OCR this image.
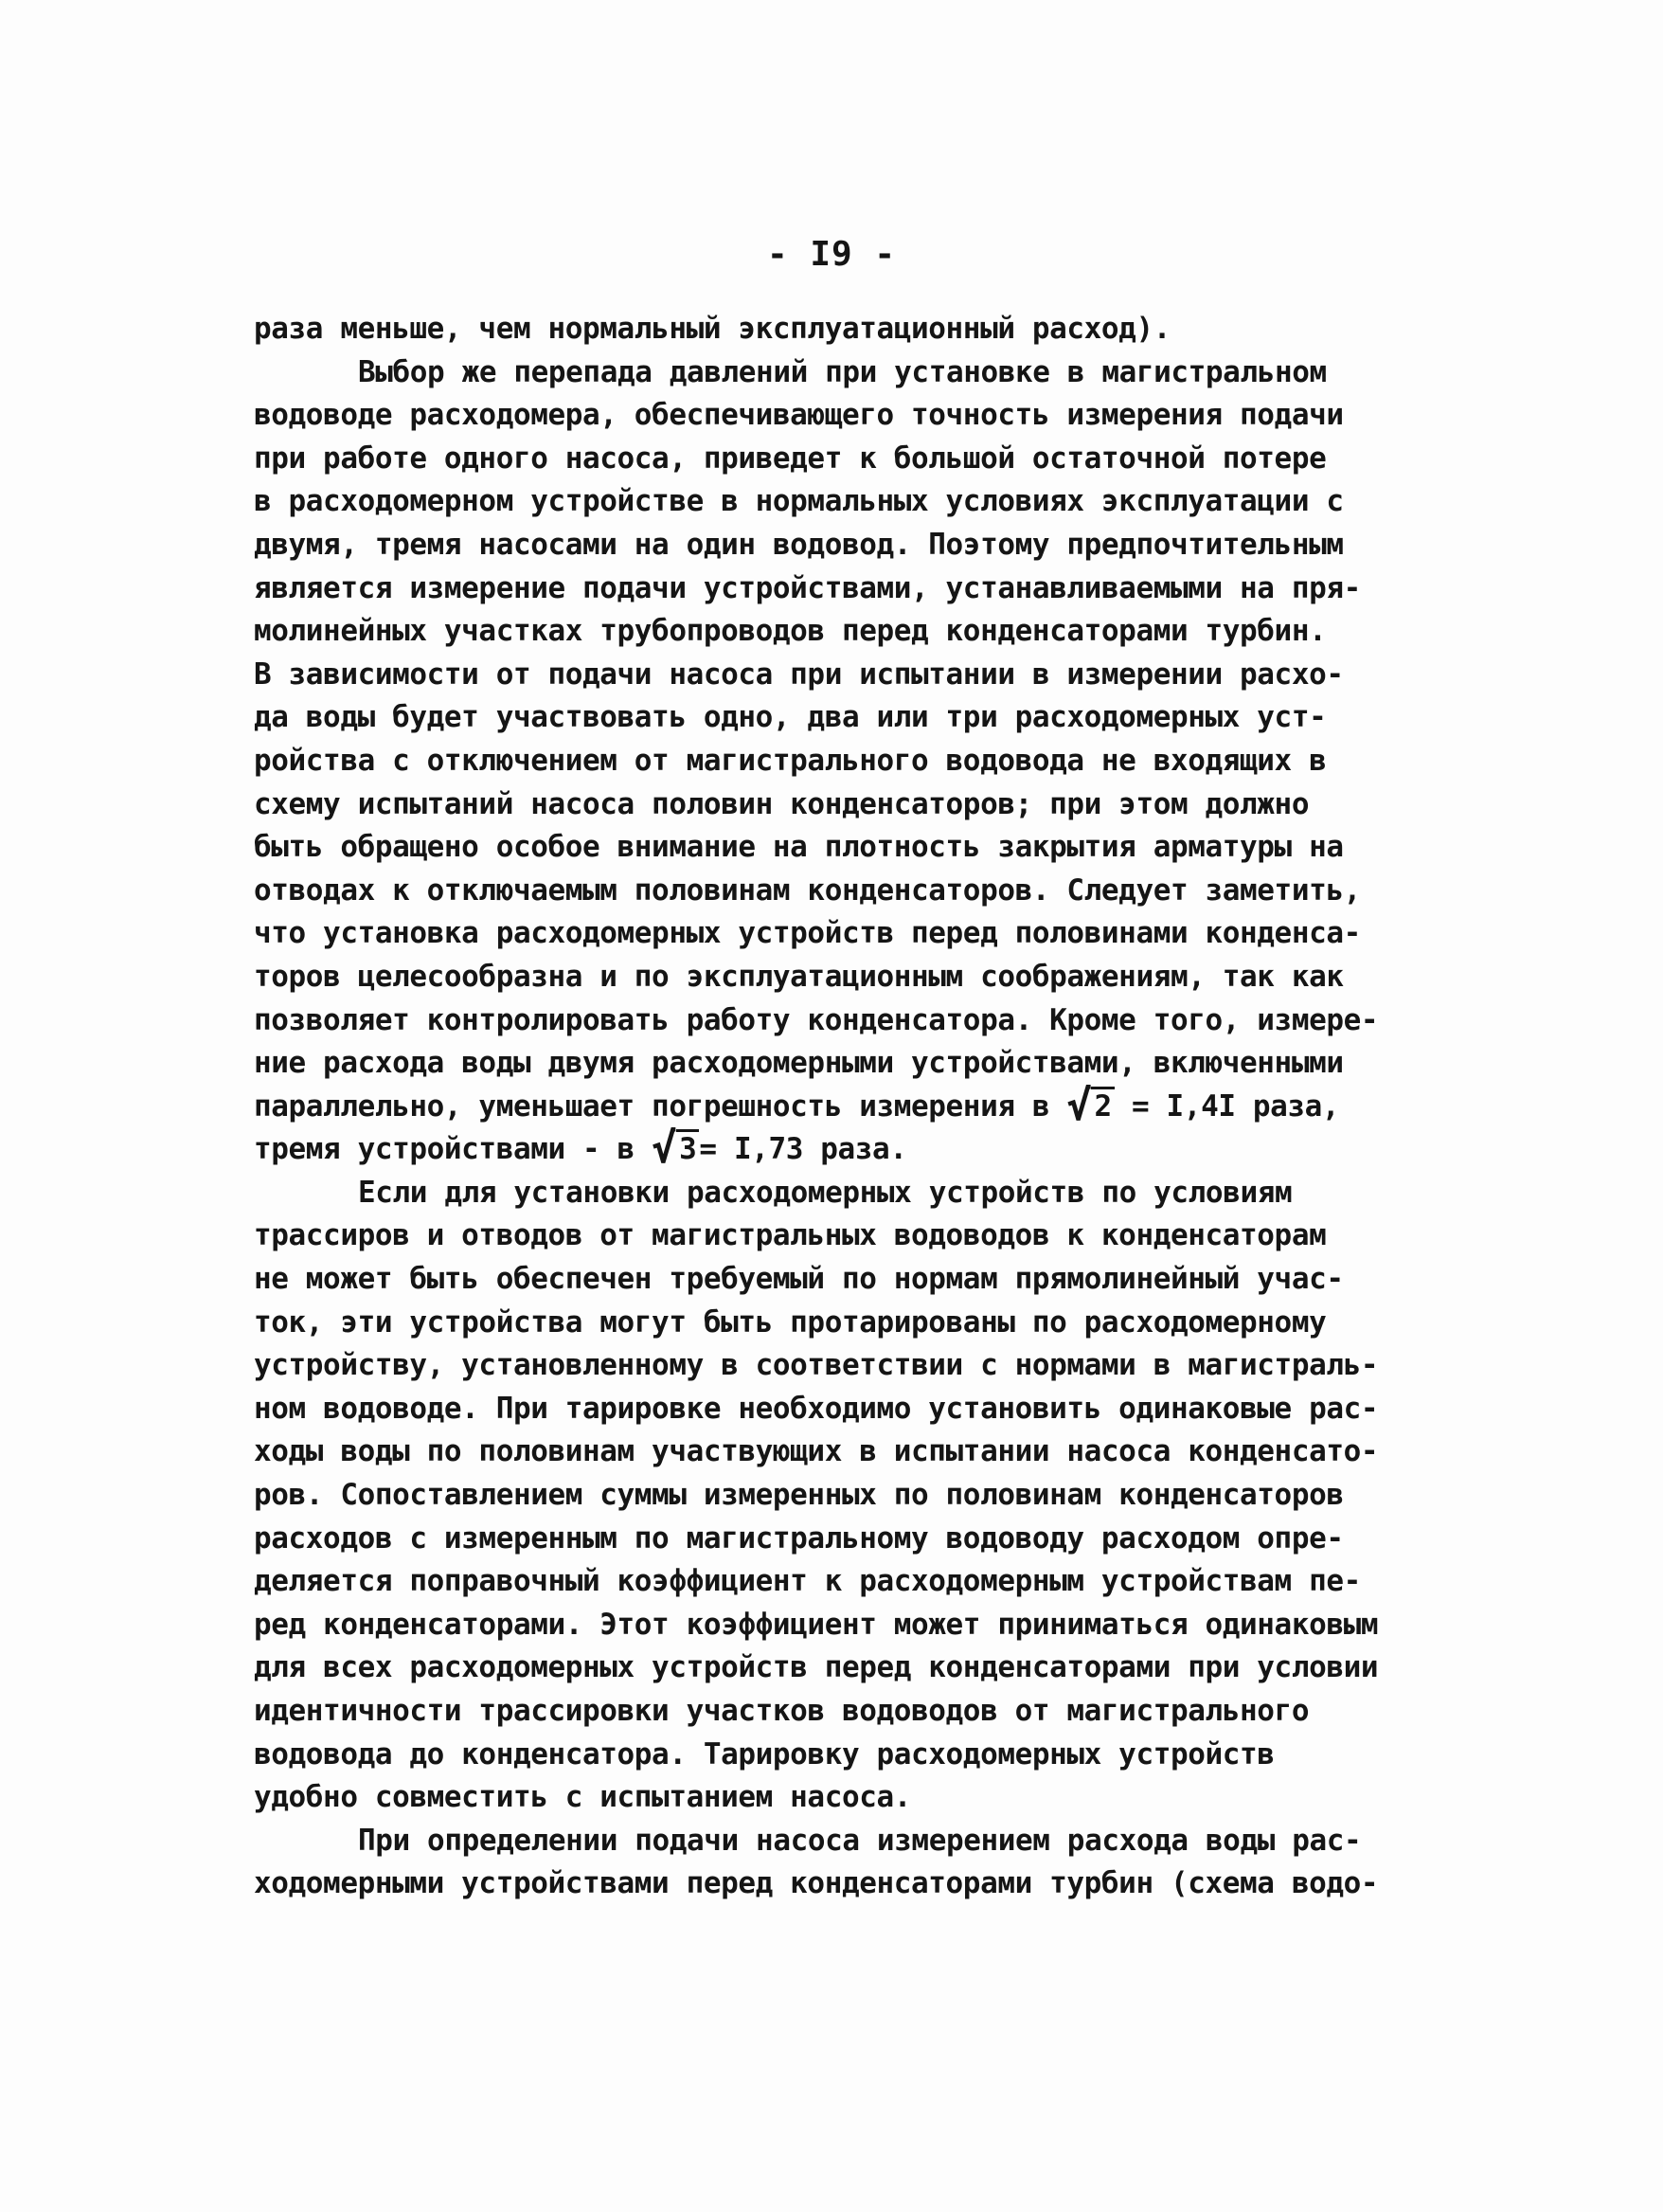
- I9 -
раза меньше, чем нормальный эксплуатационный расход).
Выбор же перепада давлений при установке в магистральном
водоводе расходомера, обеспечивающего точность измерения подачи
при работе одного насоса, приведет к большой остаточной потере
в расходомерном устройстве в нормальных условиях эксплуатации с
двумя, тремя насосами на один водовод. Поэтому предпочтительным
является измерение подачи устройствами, устанавливаемыми на пря-
молинейных участках трубопроводов перед конденсаторами турбин.
В зависимости от подачи насоса при испытании в измерении расхо-
да воды будет участвовать одно, два или три расходомерных уст-
ройства с отключением от магистрального водовода не входящих в
схему испытаний насоса половин конденсаторов; при этом должно
быть обращено особое внимание на плотность закрытия арматуры на
отводах к отключаемым половинам конденсаторов. Следует заметить,
что установка расходомерных устройств перед половинами конденса-
торов целесообразна и по эксплуатационным соображениям, так как
позволяет контролировать работу конденсатора. Кроме того, измере-
ние расхода воды двумя расходомерными устройствами, включенными
параллельно, уменьшает погрешность измерения в √2 = I,4I раза,
тремя устройствами - в √3= I,73 раза.
Если для установки расходомерных устройств по условиям
трассиров и отводов от магистральных водоводов к конденсаторам
не может быть обеспечен требуемый по нормам прямолинейный учас-
ток, эти устройства могут быть протарированы по расходомерному
устройству, установленному в соответствии с нормами в магистраль-
ном водоводе. При тарировке необходимо установить одинаковые рас-
ходы воды по половинам участвующих в испытании насоса конденсато-
ров. Сопоставлением суммы измеренных по половинам конденсаторов
расходов с измеренным по магистральному водоводу расходом опре-
деляется поправочный коэффициент к расходомерным устройствам пе-
ред конденсаторами. Этот коэффициент может приниматься одинаковым
для всех расходомерных устройств перед конденсаторами при условии
идентичности трассировки участков водоводов от магистрального
водовода до конденсатора. Тарировку расходомерных устройств
удобно совместить с испытанием насоса.
При определении подачи насоса измерением расхода воды рас-
ходомерными устройствами перед конденсаторами турбин (схема водо-
